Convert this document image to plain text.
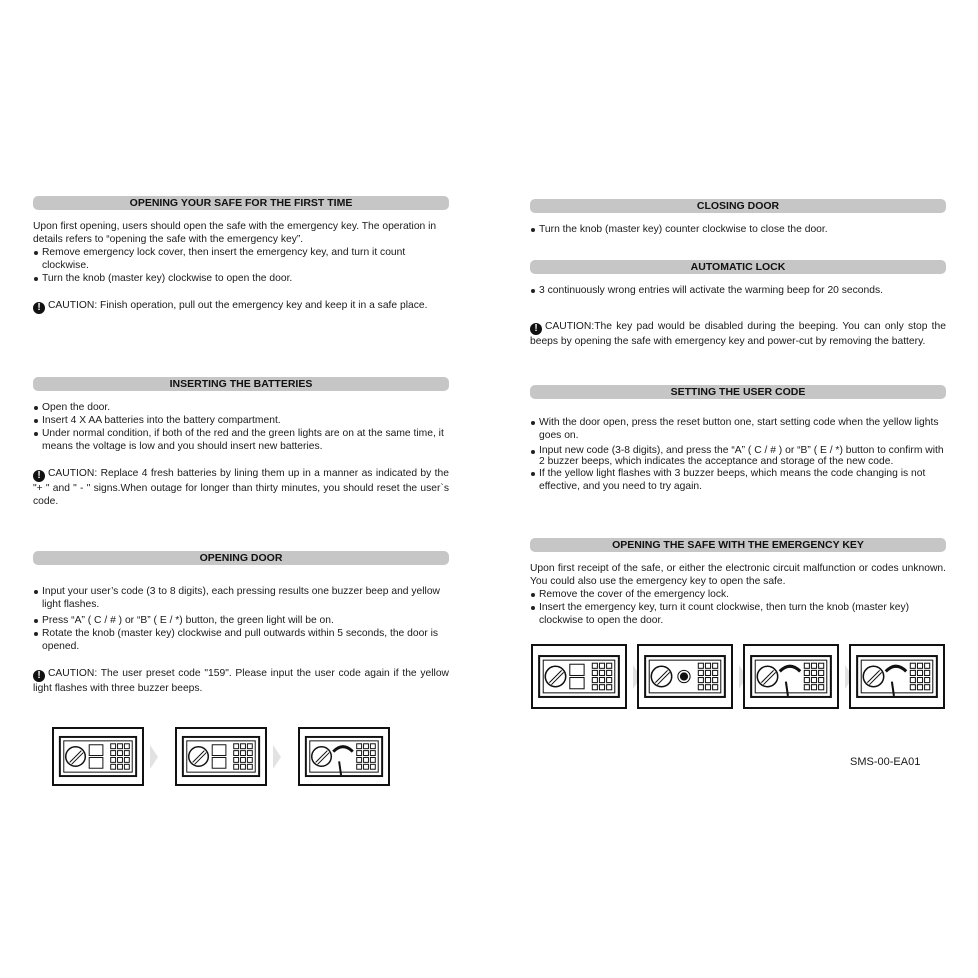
OPENING YOUR SAFE FOR THE FIRST TIME

Upon first opening, users should open the safe with the emergency key. The operation in details refers to “opening the safe with the emergency key”.

Remove emergency lock cover, then insert the emergency key, and turn it count clockwise.
Turn the knob (master key) clockwise to open the door.

! CAUTION: Finish operation, pull out the emergency key and keep it in a safe place.

INSERTING THE BATTERIES
Open the door.
Insert 4 X AA batteries into the battery compartment.
Under normal condition, if both of the red and the green lights are on at the same time, it means the voltage is low and you should insert new batteries.

! CAUTION: Replace 4 fresh batteries by lining them up in a manner as indicated by the "+ " and " - " signs.When outage for longer than thirty minutes, you should reset the user`s code.

OPENING DOOR
Input your user’s code (3 to 8 digits), each pressing results one buzzer beep and yellow light flashes.
Press “A” ( C / # ) or “B” ( E / *) button, the green light will be on.
Rotate the knob (master key) clockwise and pull outwards within 5 seconds, the door is opened.

! CAUTION: The user preset code "159". Please input the user code again if the yellow light flashes with three buzzer beeps.

CLOSING DOOR
Turn the knob (master key) counter clockwise to close the door.
AUTOMATIC LOCK
3 continuously wrong entries will activate the warming beep for 20 seconds.

! CAUTION:The key pad would be disabled during the beeping. You can only stop the beeps by opening the safe with emergency key and power-cut by removing the battery.

SETTING THE USER CODE
With the door open, press the reset button one, start setting code when the yellow lights goes on.
Input new code (3-8 digits), and press the “A” ( C / # ) or “B” ( E / *) button to confirm with 2 buzzer beeps, which indicates the acceptance and storage of the new code.
If the yellow light flashes with 3 buzzer beeps, which means the code changing is not effective, and you need to try again.
OPENING THE SAFE WITH THE EMERGENCY KEY

Upon first receipt of the safe, or either the electronic circuit malfunction or codes unknown. You could also use the emergency key to open the safe.

Remove the cover of the emergency lock.
Insert the emergency key, turn it count clockwise, then turn the knob (master key) clockwise to open the door.
SMS-00-EA01
